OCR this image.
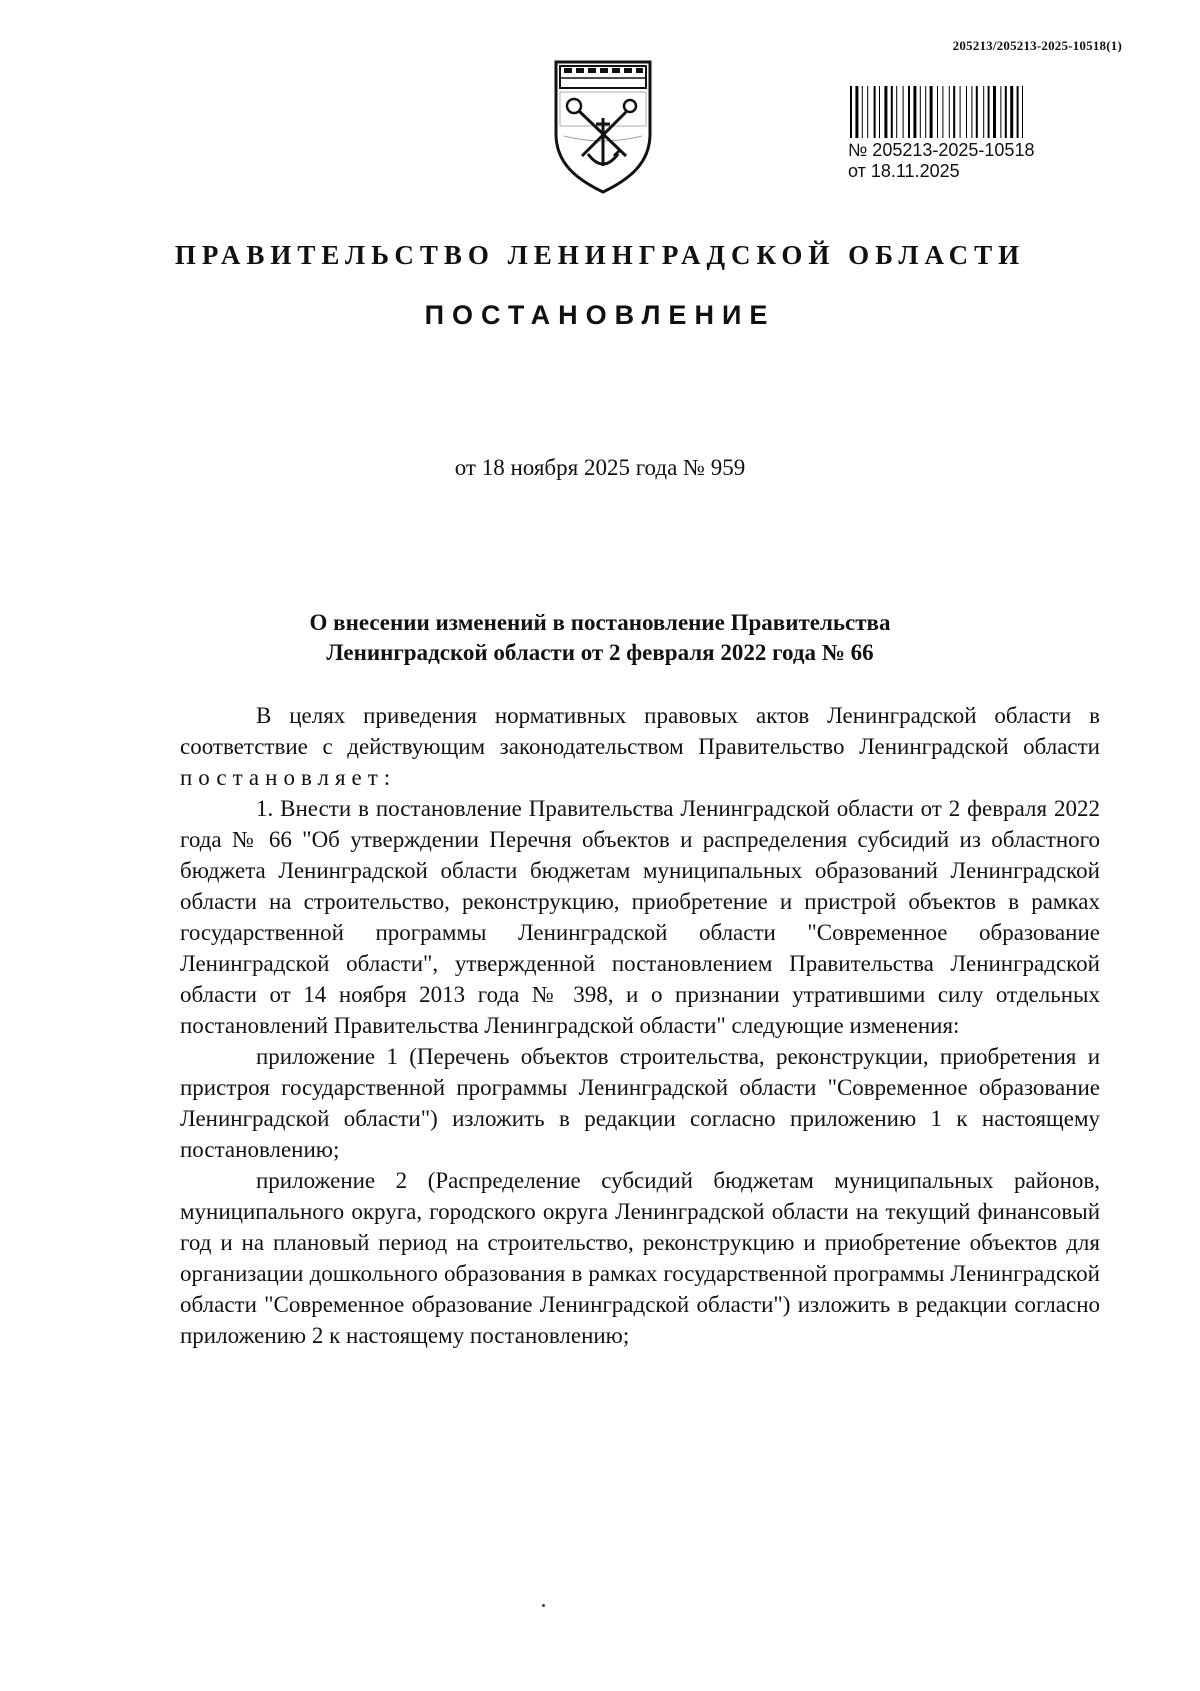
205213/205213-2025-10518(1)
№ 205213-2025-10518
от 18.11.2025
ПРАВИТЕЛЬСТВО ЛЕНИНГРАДСКОЙ ОБЛАСТИ
ПОСТАНОВЛЕНИЕ
от 18 ноября 2025 года № 959
О внесении изменений в постановление Правительства
Ленинградской области от 2 февраля 2022 года № 66

В целях приведения нормативных правовых актов Ленинградской области в соответствие с действующим законодательством Правительство Ленинградской области постановляет:

1. Внести в постановление Правительства Ленинградской области от 2 февраля 2022 года № 66 "Об утверждении Перечня объектов и распределения субсидий из областного бюджета Ленинградской области бюджетам муниципальных образований Ленинградской области на строительство, реконструкцию, приобретение и пристрой объектов в рамках государственной программы Ленинградской области "Современное образование Ленинградской области", утвержденной постановлением Правительства Ленинградской области от 14 ноября 2013 года № 398, и о признании утратившими силу отдельных постановлений Правительства Ленинградской области" следующие изменения:

приложение 1 (Перечень объектов строительства, реконструкции, приобретения и пристроя государственной программы Ленинградской области "Современное образование Ленинградской области") изложить в редакции согласно приложению 1 к настоящему постановлению;

приложение 2 (Распределение субсидий бюджетам муниципальных районов, муниципального округа, городского округа Ленинградской области на текущий финансовый год и на плановый период на строительство, реконструкцию и приобретение объектов для организации дошкольного образования в рамках государственной программы Ленинградской области "Современное образование Ленинградской области") изложить в редакции согласно приложению 2 к настоящему постановлению;
